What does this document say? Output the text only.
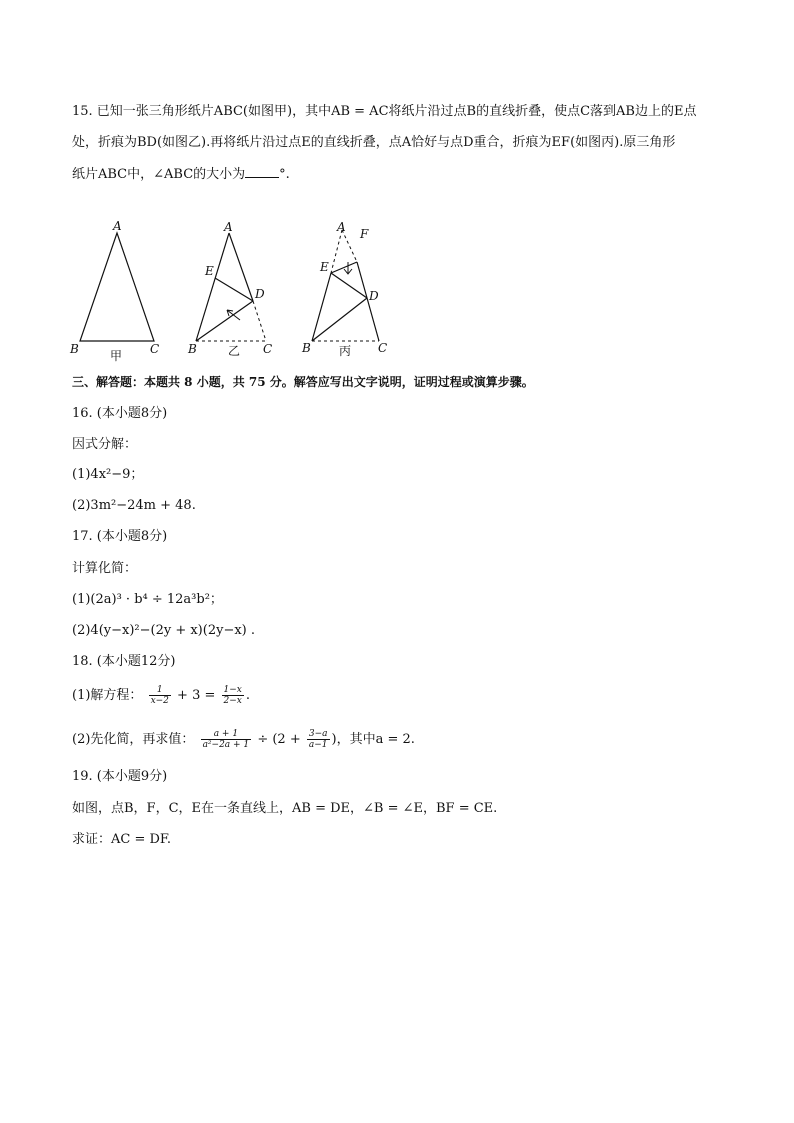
15. 已知一张三角形纸片ABC(如图甲)，其中AB = AC将纸片沿过点B的直线折叠，使点C落到AB边上的E点
处，折痕为BD(如图乙).再将纸片沿过点E的直线折叠，点A恰好与点D重合，折痕为EF(如图丙).原三角形
纸片ABC中，∠ABC的大小为	°.
A
B	C
甲
A
E
D
B	C
乙
A F
E
D
B	C
丙
三、解答题：本题共 8 小题，共 75 分。解答应写出文字说明，证明过程或演算步骤。
16. (本小题8分)
因式分解：
(1)4x²−9；
(2)3m²−24m + 48.
17. (本小题8分)
计算化简：
(1)(2a)³ · b⁴ ÷ 12a³b²；
(2)4(y−x)²−(2y + x)(2y−x) .
18. (本小题12分)
(1)解方程： $\frac{1}{x-2} + 3 = \frac{1-x}{2-x}$ .
(2)先化简，再求值： $\frac{a + 1}{\text{a²−2a + 1}} \div (2 + \frac{3-a}{a-1}$ )，其中a = 2.
19. (本小题9分)
如图，点B，F，C，E在一条直线上，AB = DE，∠B = ∠E，BF = CE.
求证：AC = DF.
